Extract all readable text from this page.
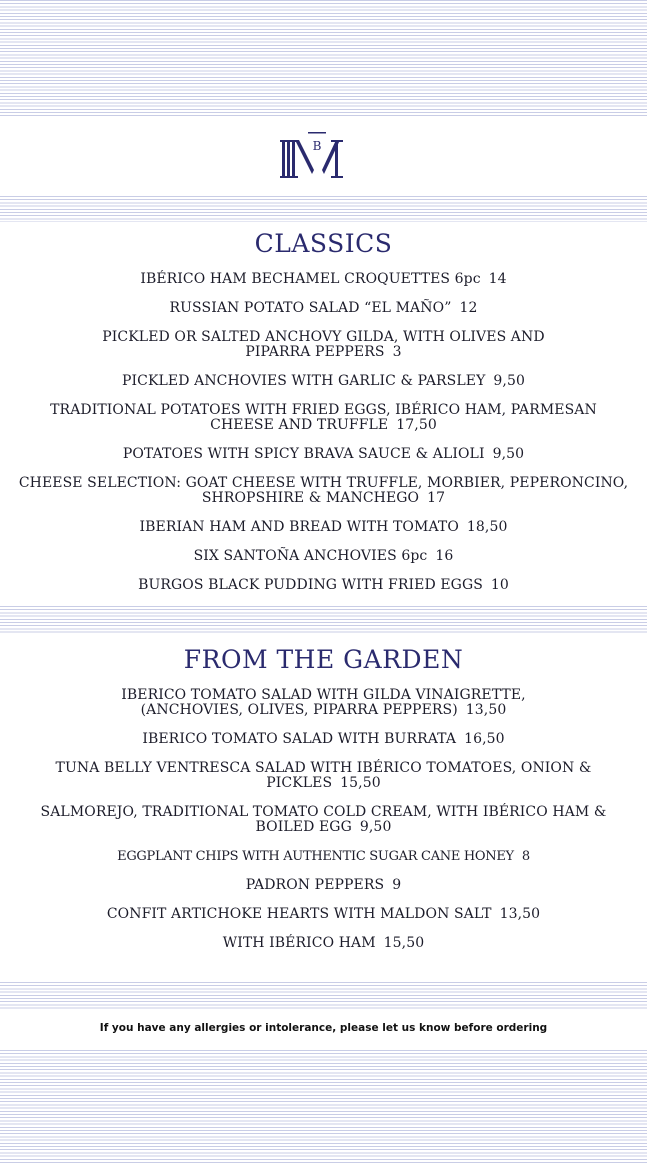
B
CLASSICS
IBÉRICO HAM BECHAMEL CROQUETTES 6pc 14
RUSSIAN POTATO SALAD “EL MAÑO” 12
PICKLED OR SALTED ANCHOVY GILDA, WITH OLIVES AND PIPARRA PEPPERS 3
PICKLED ANCHOVIES WITH GARLIC & PARSLEY 9,50
TRADITIONAL POTATOES WITH FRIED EGGS, IBÉRICO HAM, PARMESAN CHEESE AND TRUFFLE 17,50
POTATOES WITH SPICY BRAVA SAUCE & ALIOLI 9,50
CHEESE SELECTION: GOAT CHEESE WITH TRUFFLE, MORBIER, PEPERONCINO, SHROPSHIRE & MANCHEGO 17
IBERIAN HAM AND BREAD WITH TOMATO 18,50
SIX SANTOÑA ANCHOVIES 6pc 16
BURGOS BLACK PUDDING WITH FRIED EGGS 10
FROM THE GARDEN
IBERICO TOMATO SALAD WITH GILDA VINAIGRETTE, (ANCHOVIES, OLIVES, PIPARRA PEPPERS) 13,50
IBERICO TOMATO SALAD WITH BURRATA 16,50
TUNA BELLY VENTRESCA SALAD WITH IBÉRICO TOMATOES, ONION & PICKLES 15,50
SALMOREJO, TRADITIONAL TOMATO COLD CREAM, WITH IBÉRICO HAM & BOILED EGG 9,50
EGGPLANT CHIPS WITH AUTHENTIC SUGAR CANE HONEY 8
PADRON PEPPERS 9
CONFIT ARTICHOKE HEARTS WITH MALDON SALT 13,50
WITH IBÉRICO HAM 15,50
If you have any allergies or intolerance, please let us know before ordering
